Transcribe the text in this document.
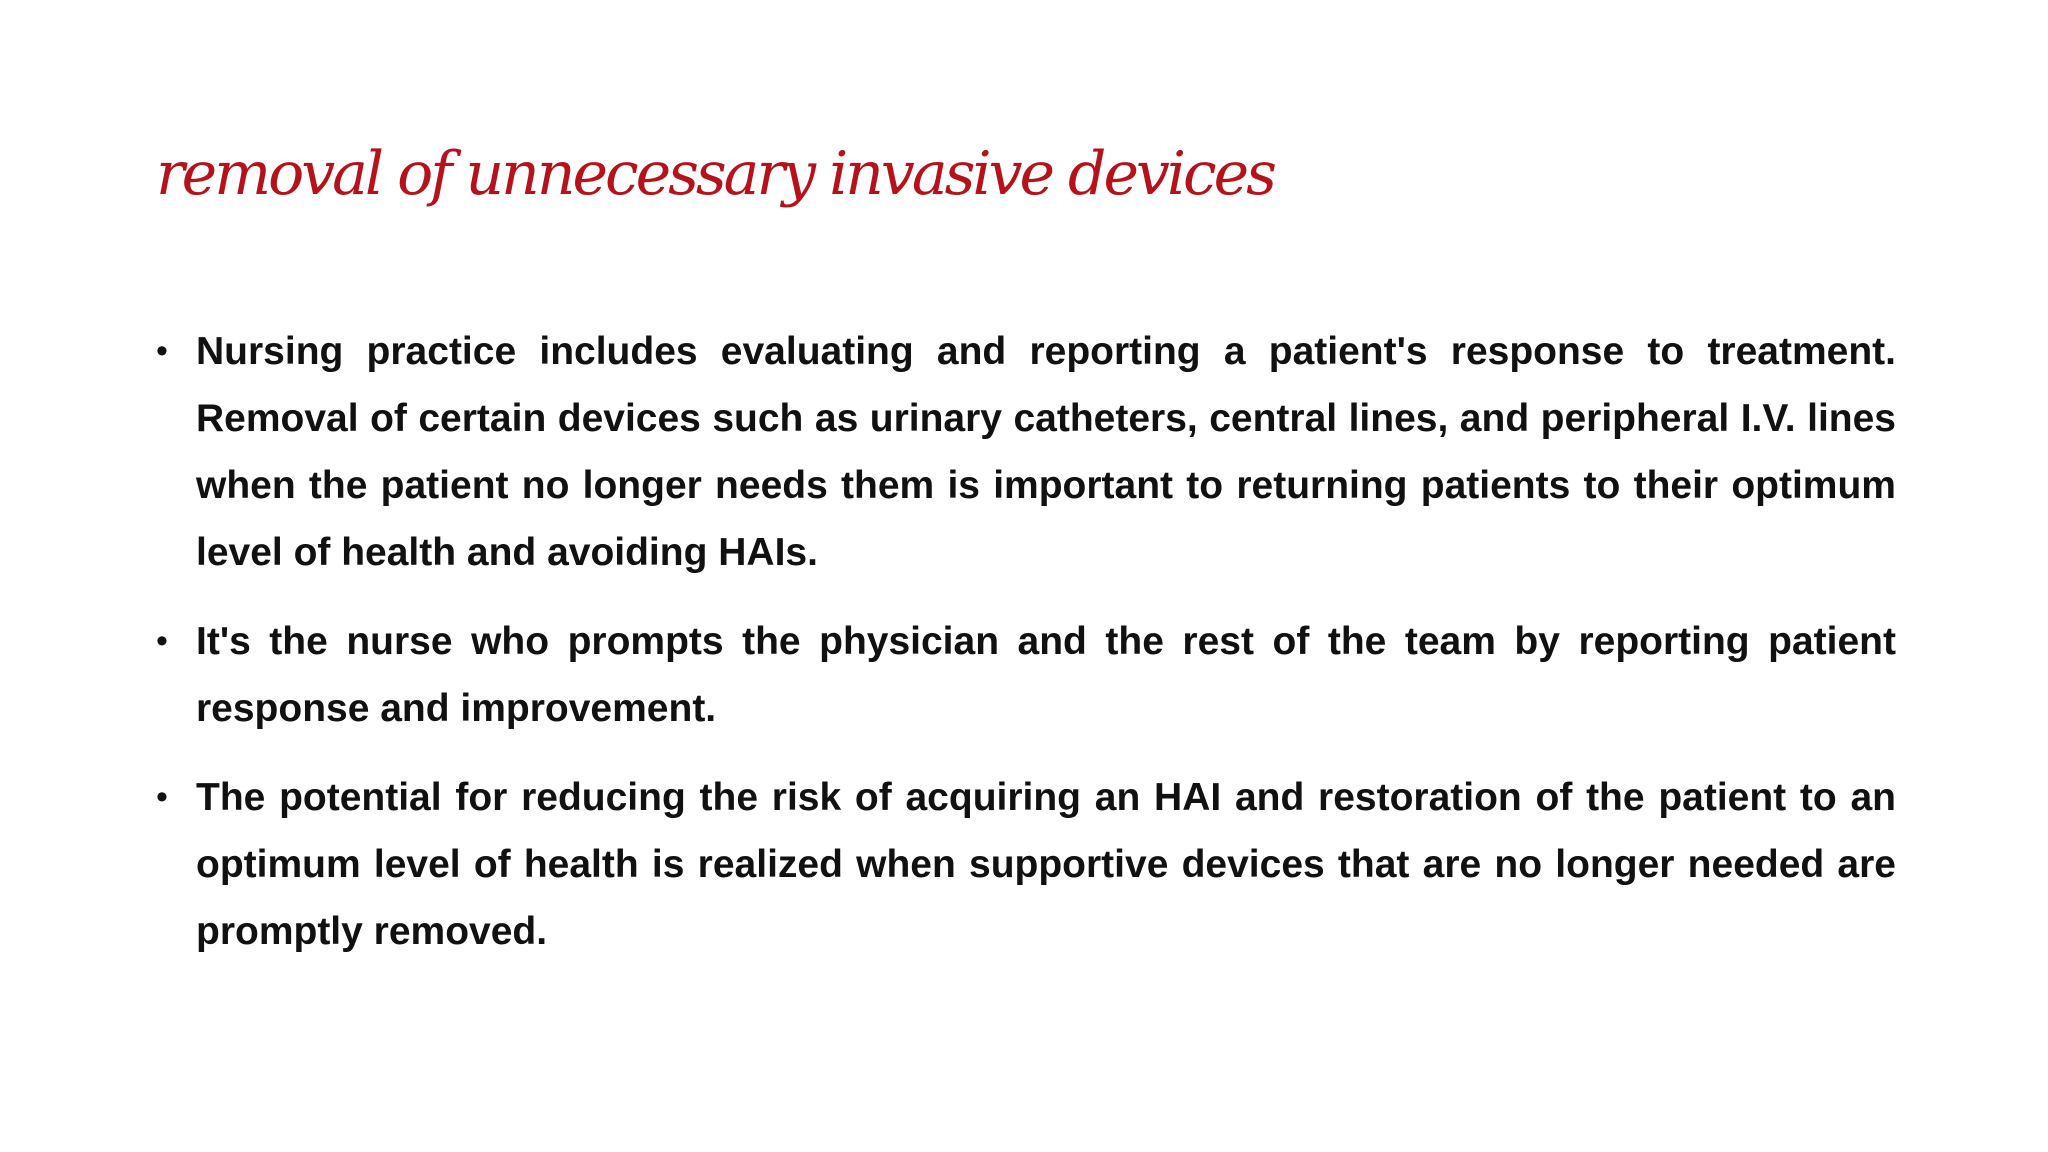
removal of unnecessary invasive devices
• Nursing practice includes evaluating and reporting a patient's response to treatment. Removal of certain devices such as urinary catheters, central lines, and peripheral I.V. lines when the patient no longer needs them is important to returning patients to their optimum level of health and avoiding HAIs.
• It's the nurse who prompts the physician and the rest of the team by reporting patient response and improvement.
• The potential for reducing the risk of acquiring an HAI and restoration of the patient to an optimum level of health is realized when supportive devices that are no longer needed are promptly removed.
